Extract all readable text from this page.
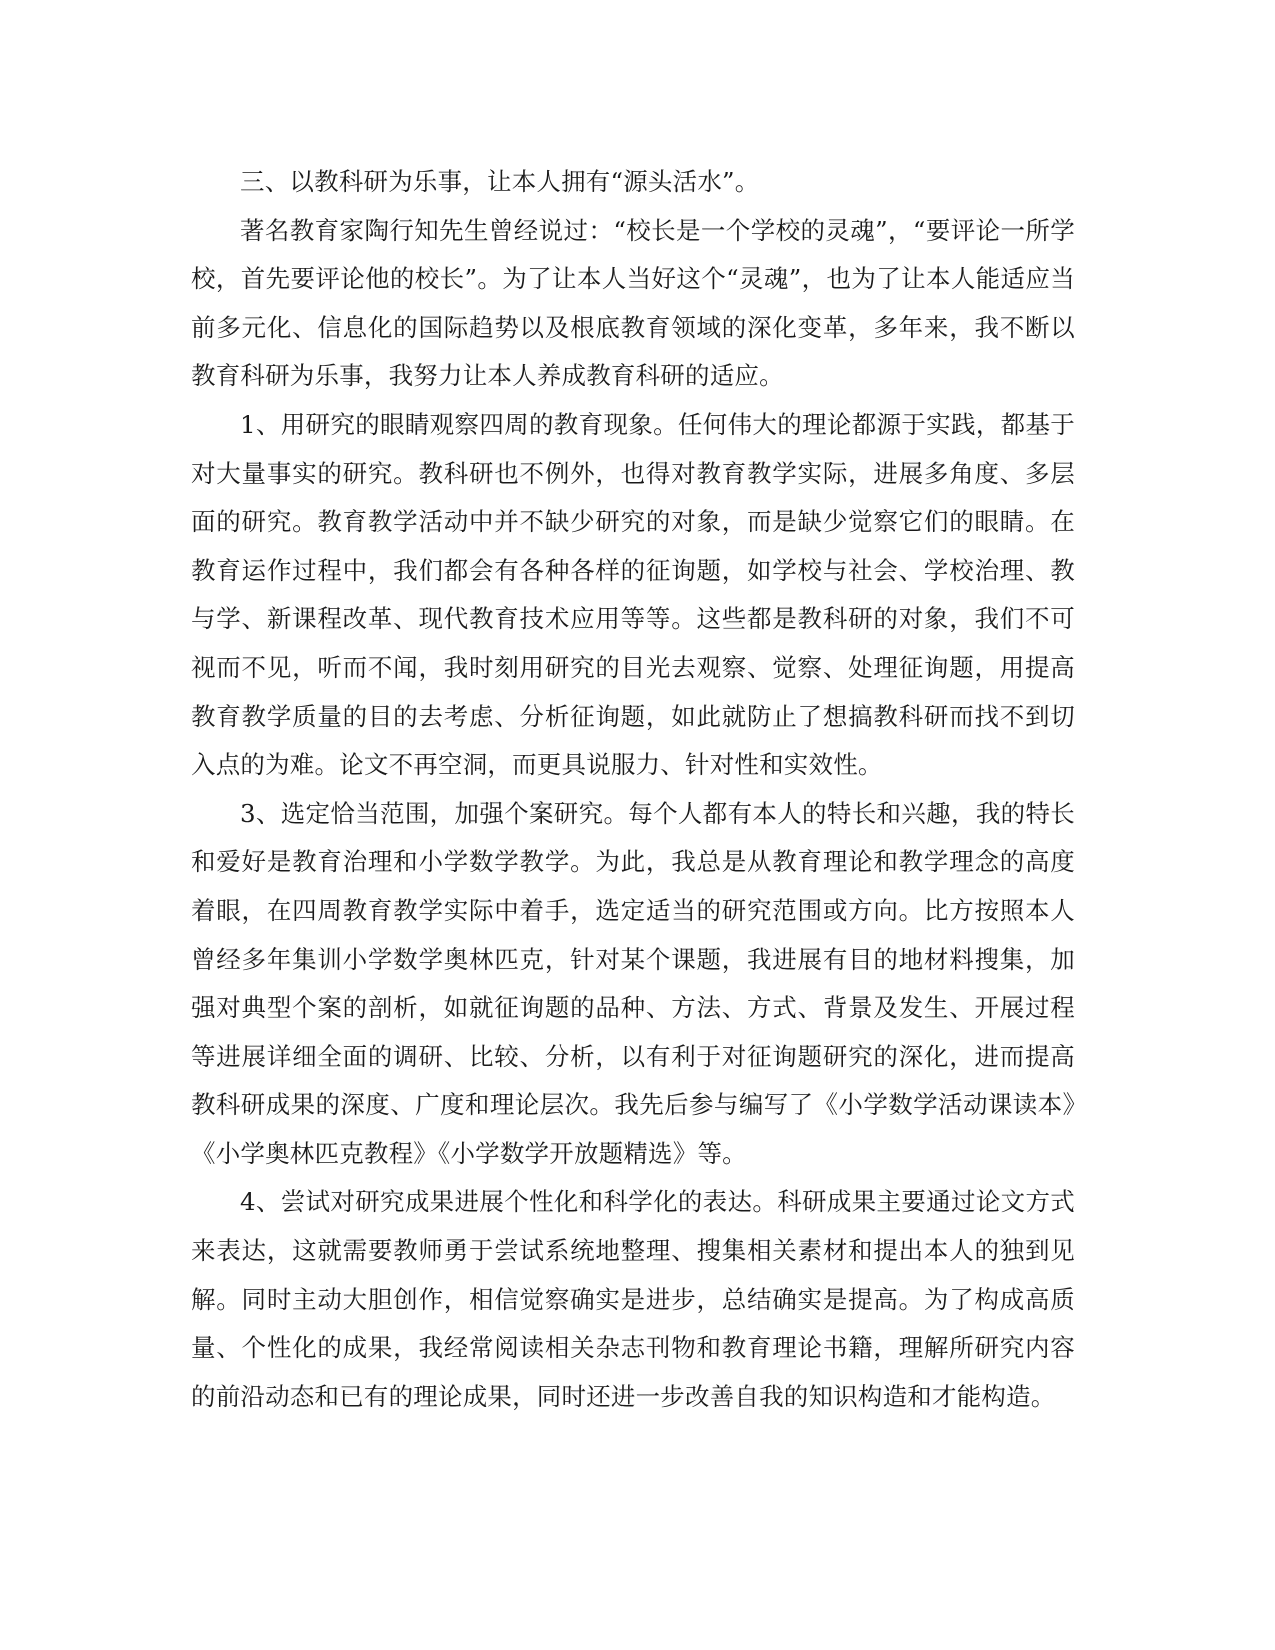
三、以教科研为乐事，让本人拥有“源头活水”。

著名教育家陶行知先生曾经说过：“校长是一个学校的灵魂”，“要评论一所学校，首先要评论他的校长”。为了让本人当好这个“灵魂”，也为了让本人能适应当前多元化、信息化的国际趋势以及根底教育领域的深化变革，多年来，我不断以教育科研为乐事，我努力让本人养成教育科研的适应。

1、用研究的眼睛观察四周的教育现象。任何伟大的理论都源于实践，都基于对大量事实的研究。教科研也不例外，也得对教育教学实际，进展多角度、多层面的研究。教育教学活动中并不缺少研究的对象，而是缺少觉察它们的眼睛。在教育运作过程中，我们都会有各种各样的征询题，如学校与社会、学校治理、教与学、新课程改革、现代教育技术应用等等。这些都是教科研的对象，我们不可视而不见，听而不闻，我时刻用研究的目光去观察、觉察、处理征询题，用提高教育教学质量的目的去考虑、分析征询题，如此就防止了想搞教科研而找不到切入点的为难。论文不再空洞，而更具说服力、针对性和实效性。

3、选定恰当范围，加强个案研究。每个人都有本人的特长和兴趣，我的特长和爱好是教育治理和小学数学教学。为此，我总是从教育理论和教学理念的高度着眼，在四周教育教学实际中着手，选定适当的研究范围或方向。比方按照本人曾经多年集训小学数学奥林匹克，针对某个课题，我进展有目的地材料搜集，加强对典型个案的剖析，如就征询题的品种、方法、方式、背景及发生、开展过程等进展详细全面的调研、比较、分析，以有利于对征询题研究的深化，进而提高教科研成果的深度、广度和理论层次。我先后参与编写了《小学数学活动课读本》《小学奥林匹克教程》《小学数学开放题精选》等。

4、尝试对研究成果进展个性化和科学化的表达。科研成果主要通过论文方式来表达，这就需要教师勇于尝试系统地整理、搜集相关素材和提出本人的独到见解。同时主动大胆创作，相信觉察确实是进步，总结确实是提高。为了构成高质量、个性化的成果，我经常阅读相关杂志刊物和教育理论书籍，理解所研究内容的前沿动态和已有的理论成果，同时还进一步改善自我的知识构造和才能构造。
